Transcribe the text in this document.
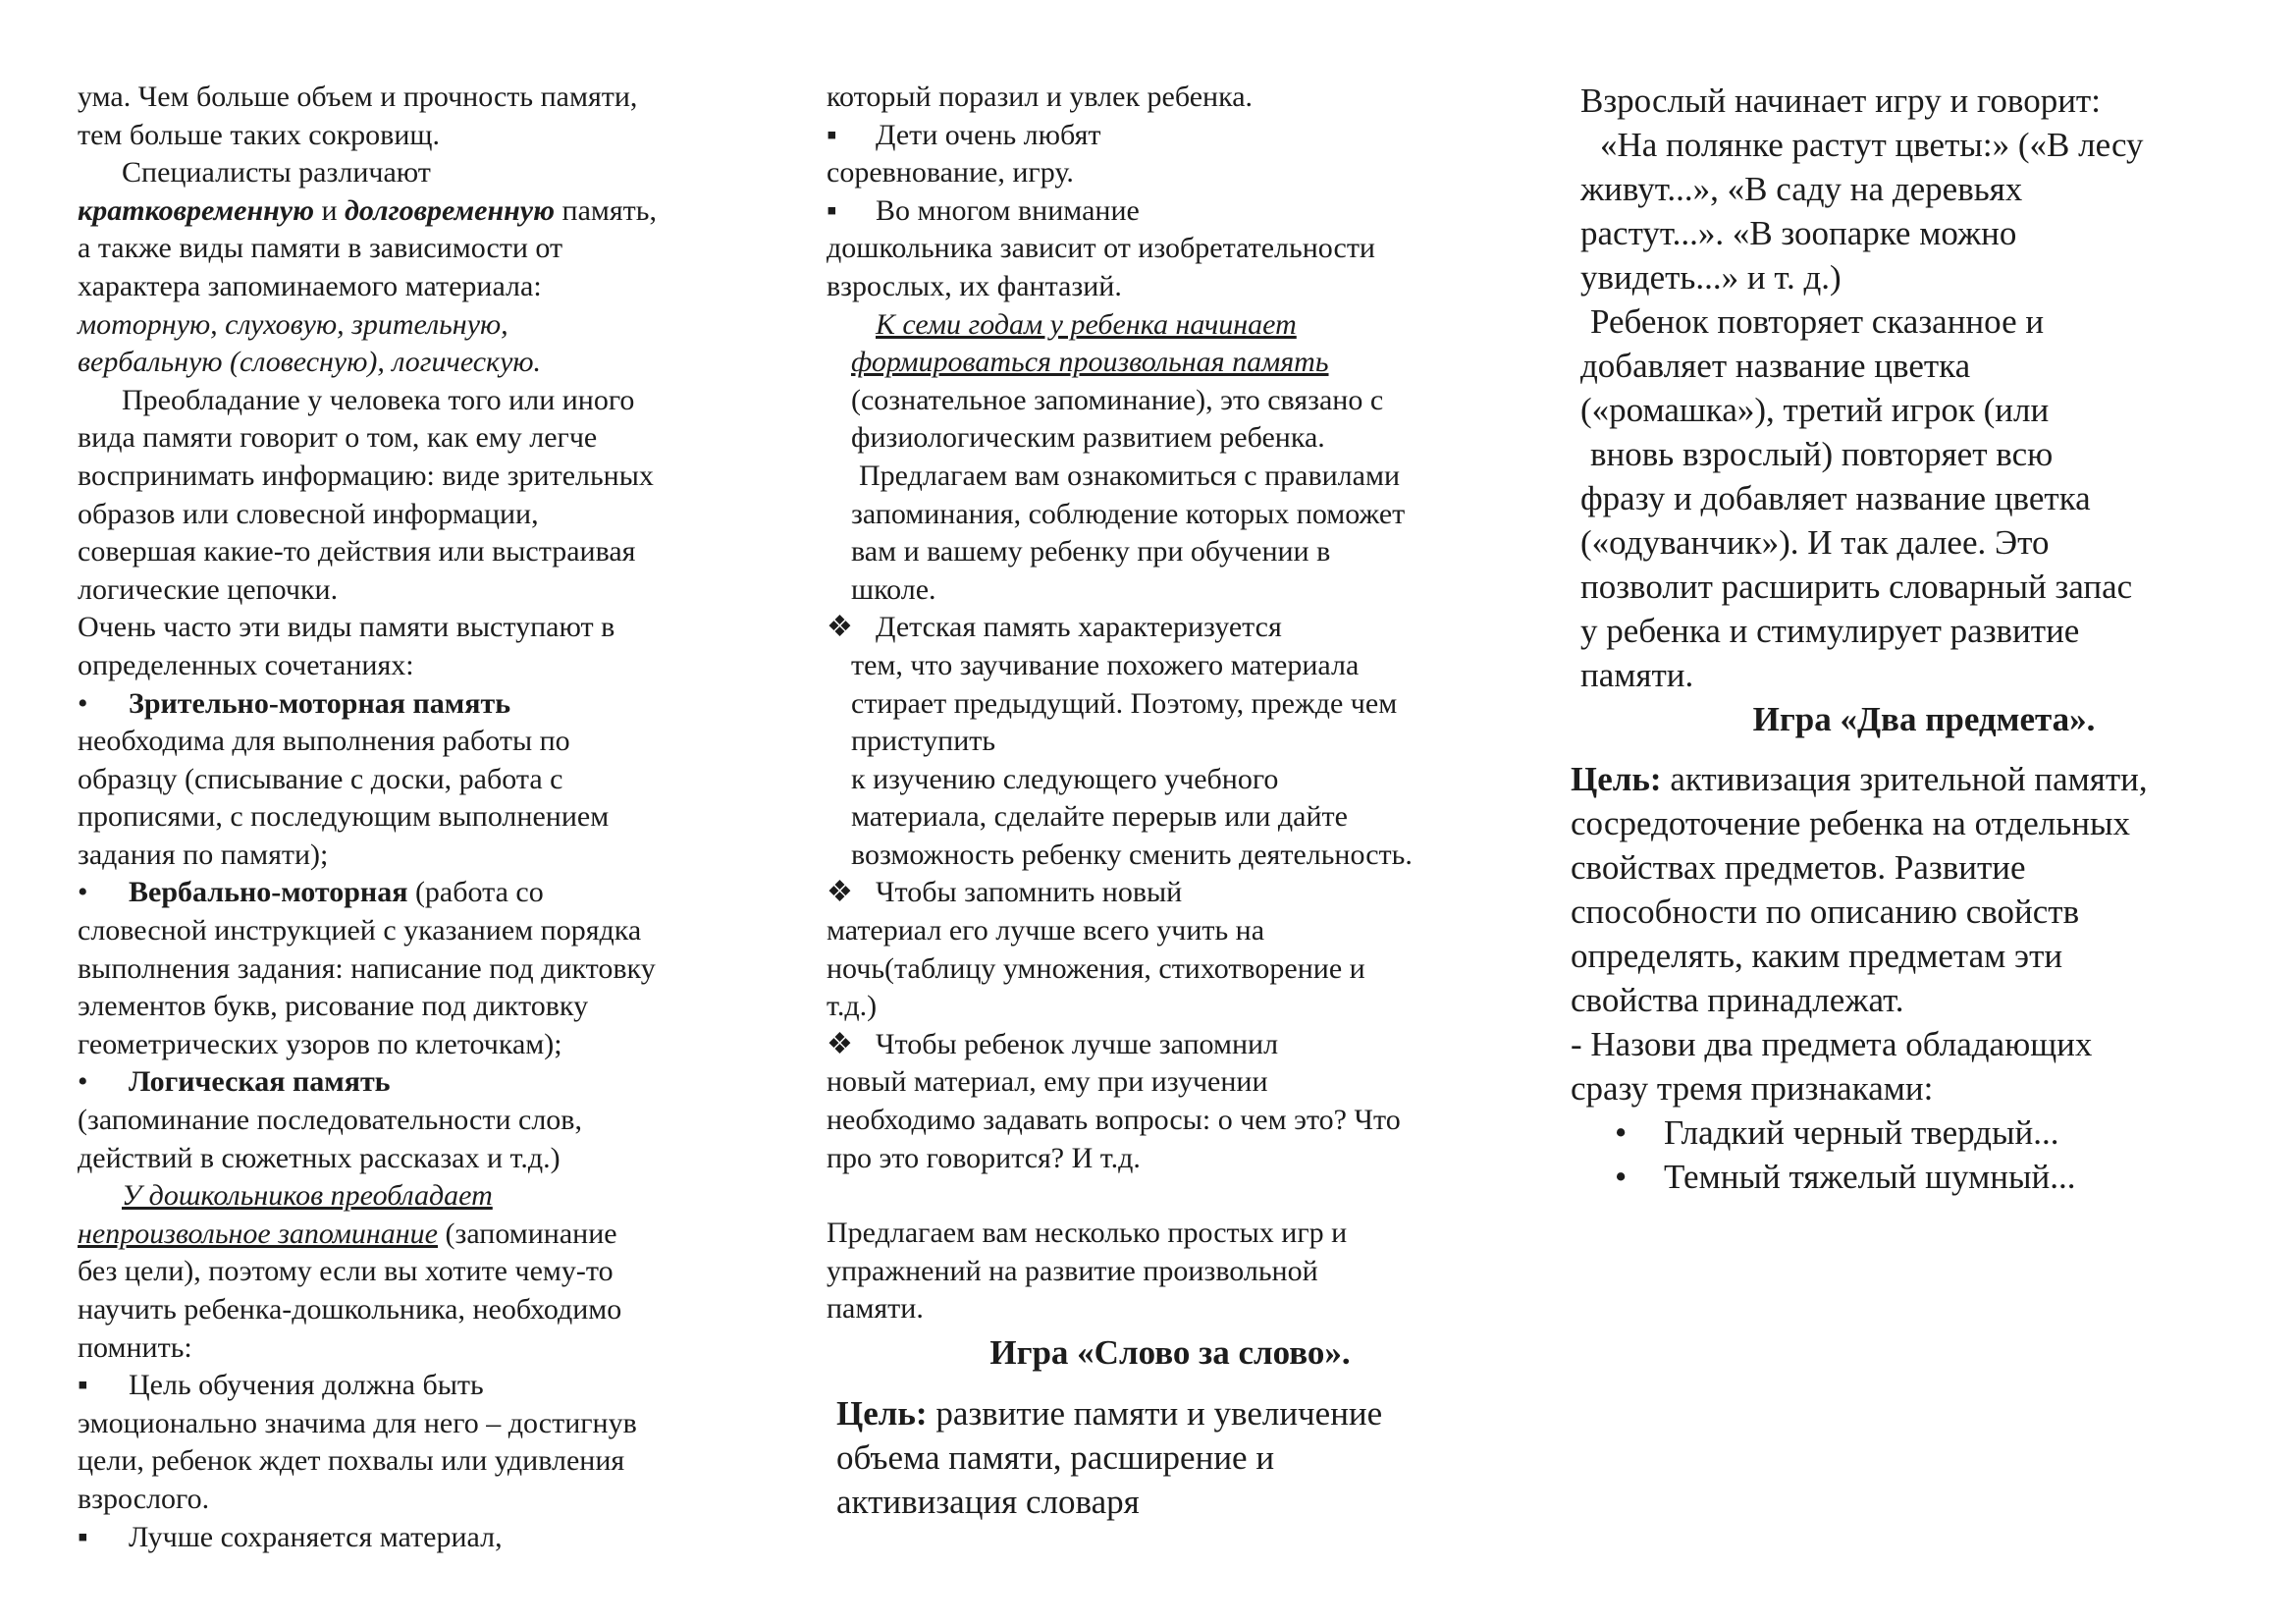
ума. Чем больше объем и прочность памяти,

тем больше таких сокровищ.

Специалисты различают

кратковременную и долговременную память,

а также виды памяти в зависимости от

характера запоминаемого материала:

моторную, слуховую, зрительную,

вербальную (словесную), логическую.

Преобладание у человека того или иного

вида памяти говорит о том, как ему легче

воспринимать информацию: виде зрительных

образов или словесной информации,

совершая какие-то действия или выстраивая

логические цепочки.

Очень часто эти виды памяти выступают в

определенных сочетаниях:

• Зрительно-моторная память

необходима для выполнения работы по

образцу (списывание с доски, работа с

прописями, с последующим выполнением

задания по памяти);

• Вербально-моторная (работа со

словесной инструкцией с указанием порядка

выполнения задания: написание под диктовку

элементов букв, рисование под диктовку

геометрических узоров по клеточкам);

• Логическая память

(запоминание последовательности слов,

действий в сюжетных рассказах и т.д.)

У дошкольников преобладает

непроизвольное запоминание (запоминание

без цели), поэтому если вы хотите чему-то

научить ребенка-дошкольника, необходимо

помнить:

▪ Цель обучения должна быть

эмоционально значима для него – достигнув

цели, ребенок ждет похвалы или удивления

взрослого.

▪ Лучше сохраняется материал,

который поразил и увлек ребенка.

▪ Дети очень любят

соревнование, игру.

▪ Во многом внимание

дошкольника зависит от изобретательности

взрослых, их фантазий.

К семи годам у ребенка начинает

формироваться произвольная память

(сознательное запоминание), это связано с

физиологическим развитием ребенка.

Предлагаем вам ознакомиться с правилами

запоминания, соблюдение которых поможет

вам и вашему ребенку при обучении в

школе.

❖ Детская память характеризуется

тем, что заучивание похожего материала

стирает предыдущий. Поэтому, прежде чем

приступить

к изучению следующего учебного

материала, сделайте перерыв или дайте

возможность ребенку сменить деятельность.

❖ Чтобы запомнить новый

материал его лучше всего учить на

ночь(таблицу умножения, стихотворение и

т.д.)

❖ Чтобы ребенок лучше запомнил

новый материал, ему при изучении

необходимо задавать вопросы: о чем это? Что

про это говорится? И т.д.

Предлагаем вам несколько простых игр и

упражнений на развитие произвольной

памяти.

Игра «Слово за слово».

Цель: развитие памяти и увеличение

объема памяти, расширение и

активизация словаря

Взрослый начинает игру и говорит:

«На полянке растут цветы:» («В лесу

живут...», «В саду на деревьях

растут...». «В зоопарке можно

увидеть...» и т. д.)

Ребенок повторяет сказанное и

добавляет название цветка

(«ромашка»), третий игрок (или

вновь взрослый) повторяет всю

фразу и добавляет название цветка

(«одуванчик»). И так далее. Это

позволит расширить словарный запас

у ребенка и стимулирует развитие

памяти.

Игра «Два предмета».

Цель: активизация зрительной памяти,

сосредоточение ребенка на отдельных

свойствах предметов. Развитие

способности по описанию свойств

определять, каким предметам эти

свойства принадлежат.

- Назови два предмета обладающих

сразу тремя признаками:

• Гладкий черный твердый...

• Темный тяжелый шумный...
